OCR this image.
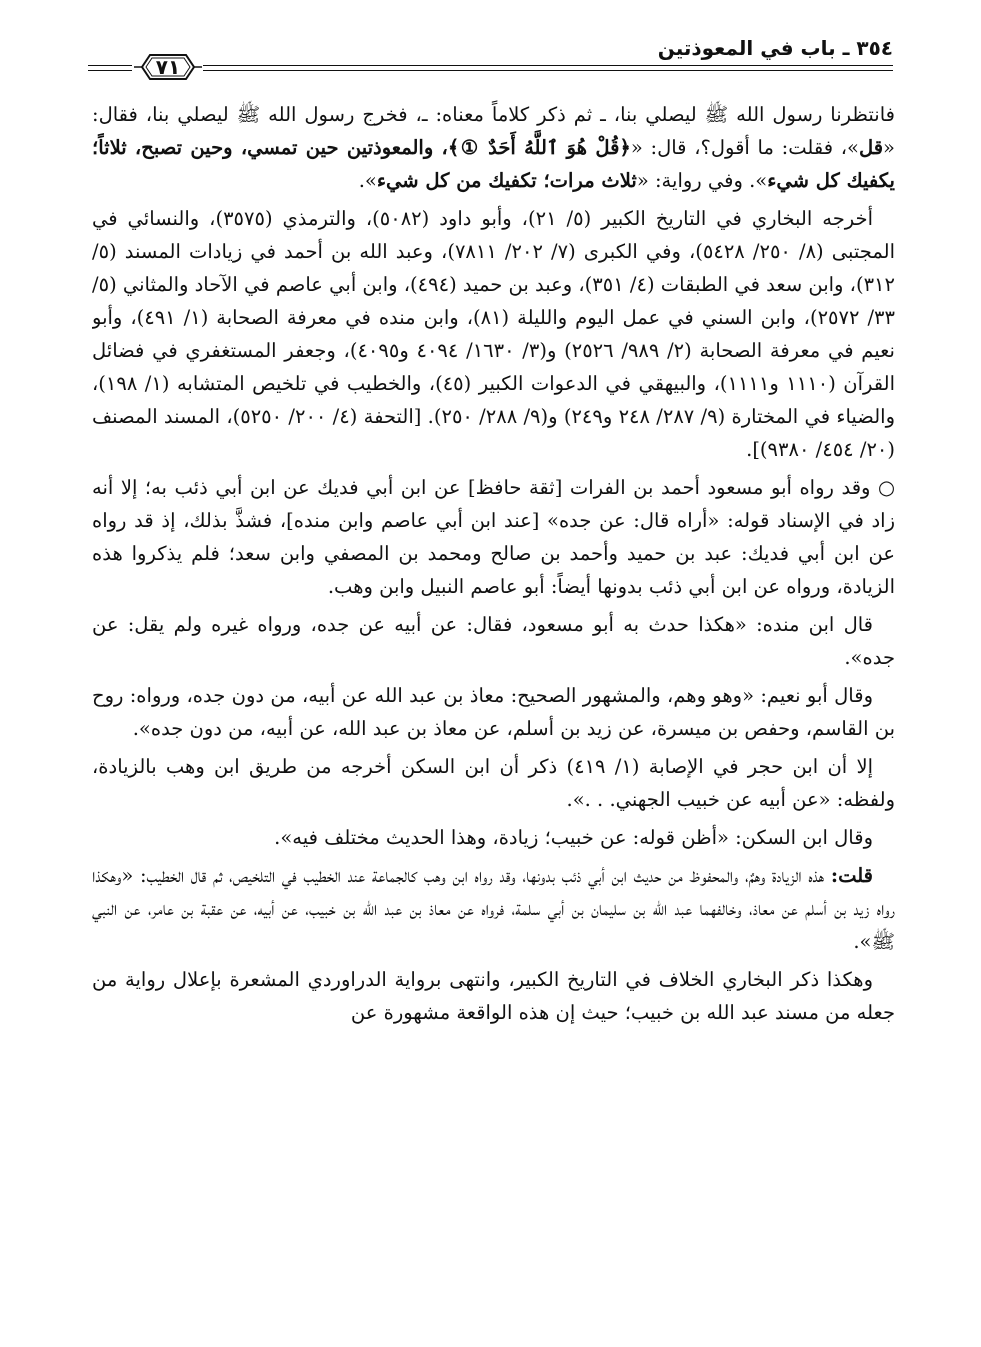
٣٥٤ ـ باب في المعوذتين
٧١

فانتظرنا رسول الله ﷺ ليصلي بنا، ـ ثم ذكر كلاماً معناه: ـ، فخرج رسول الله ﷺ ليصلي بنا، فقال: «قل»، فقلت: ما أقول؟، قال: «﴿قُلْ هُوَ ٱللَّهُ أَحَدٌ ①﴾، والمعوذتين حين تمسي، وحين تصبح، ثلاثاً؛ يكفيك كل شيء». وفي رواية: «ثلاث مرات؛ تكفيك من كل شيء».

أخرجه البخاري في التاريخ الكبير (٥/ ٢١)، وأبو داود (٥٠٨٢)، والترمذي (٣٥٧٥)، والنسائي في المجتبى (٨/ ٢٥٠/ ٥٤٢٨)، وفي الكبرى (٧/ ٢٠٢/ ٧٨١١)، وعبد الله بن أحمد في زيادات المسند (٥/ ٣١٢)، وابن سعد في الطبقات (٤/ ٣٥١)، وعبد بن حميد (٤٩٤)، وابن أبي عاصم في الآحاد والمثاني (٥/ ٣٣/ ٢٥٧٢)، وابن السني في عمل اليوم والليلة (٨١)، وابن منده في معرفة الصحابة (١/ ٤٩١)، وأبو نعيم في معرفة الصحابة (٢/ ٩٨٩/ ٢٥٢٦) و(٣/ ١٦٣٠/ ٤٠٩٤ و٤٠٩٥)، وجعفر المستغفري في فضائل القرآن (١١١٠ و١١١١)، والبيهقي في الدعوات الكبير (٤٥)، والخطيب في تلخيص المتشابه (١/ ١٩٨)، والضياء في المختارة (٩/ ٢٨٧/ ٢٤٨ و٢٤٩) و(٩/ ٢٨٨/ ٢٥٠). [التحفة (٤/ ٢٠٠/ ٥٢٥٠)، المسند المصنف (٢٠/ ٤٥٤/ ٩٣٨٠)].

○ وقد رواه أبو مسعود أحمد بن الفرات [ثقة حافظ] عن ابن أبي فديك عن ابن أبي ذئب به؛ إلا أنه زاد في الإسناد قوله: «أراه قال: عن جده» [عند ابن أبي عاصم وابن منده]، فشذَّ بذلك، إذ قد رواه عن ابن أبي فديك: عبد بن حميد وأحمد بن صالح ومحمد بن المصفي وابن سعد؛ فلم يذكروا هذه الزيادة، ورواه عن ابن أبي ذئب بدونها أيضاً: أبو عاصم النبيل وابن وهب.

قال ابن منده: «هكذا حدث به أبو مسعود، فقال: عن أبيه عن جده، ورواه غيره ولم يقل: عن جده».

وقال أبو نعيم: «وهو وهم، والمشهور الصحيح: معاذ بن عبد الله عن أبيه، من دون جده، ورواه: روح بن القاسم، وحفص بن ميسرة، عن زيد بن أسلم، عن معاذ بن عبد الله، عن أبيه، من دون جده».

إلا أن ابن حجر في الإصابة (١/ ٤١٩) ذكر أن ابن السكن أخرجه من طريق ابن وهب بالزيادة، ولفظه: «عن أبيه عن خبيب الجهني. . .».

وقال ابن السكن: «أظن قوله: عن خبيب؛ زيادة، وهذا الحديث مختلف فيه».

قلت: هذه الزيادة وهمٌ، والمحفوظ من حديث ابن أبي ذئب بدونها، وقد رواه ابن وهب كالجماعة عند الخطيب في التلخيص، ثم قال الخطيب: «وهكذا رواه زيد بن أسلم عن معاذ، وخالفهما عبد الله بن سليمان بن أبي سلمة، فرواه عن معاذ بن عبد الله بن خبيب، عن أبيه، عن عقبة بن عامر، عن النبي ﷺ».

وهكذا ذكر البخاري الخلاف في التاريخ الكبير، وانتهى برواية الدراوردي المشعرة بإعلال رواية من جعله من مسند عبد الله بن خبيب؛ حيث إن هذه الواقعة مشهورة عن
